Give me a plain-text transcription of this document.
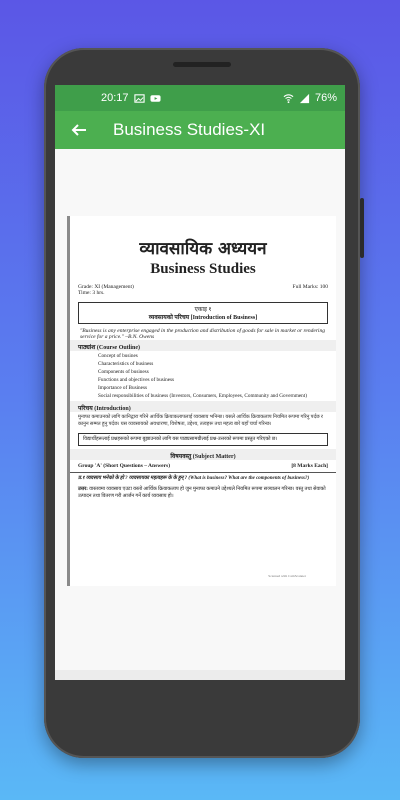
20:17	76%
Business Studies-XI
व्यावसायिक अध्ययन
Business Studies
Grade: XI (Management)	Full Marks: 100
Time: 3 hrs.
एकाइ १
व्यवसायको परिचय [Introduction of Business]
"Business is any enterprise engaged in the production and distribution of goods for sale in market or rendering service for a price." –B.N. Owens
पाठ्यांश (Course Outline)
Concept of busines
Characteristics of business
Components of business
Functions and objectives of business
Importance of Business
Social responsibilities of business (Investors, Consumers, Employees, Community and Government)
परिचय (Introduction)
मुनाफा कमाउनको लागि कानिद्वारा गरिने आर्थिक क्रियाकलापलाई व्यवसाय भनिन्छ। यसले आर्थिक क्रियाकलाप नियमित रूपमा गरिनु पर्दछ र कानुन सम्मत हुनु पर्दछ। यस व्यवसायको अवधारणा, विशेषता, उद्देश्य, तत्वहरू तथा महत्व बारे यहाँ चर्चा गरिन्छ।
विद्यार्थीहरूलाई प्रश्नहरूको रूपमा बुझाउनको लागि यस पाठ्यसामग्रीलाई प्रश्न-उत्तरको रूपमा प्रस्तुत गरिएको छ।
विषयवस्तु (Subject Matter)
Group 'A' (Short Questions – Answers)	[8 Marks Each]
प्र.१ व्यवसाय भनेको के हो ? व्यवसायका महत्वहरू के के हुन् ? (What is business? What are the components of business?)
उत्तर: वास्तवमा व्यवसाय एउटा यस्तो आर्थिक क्रियाकलाप हो जुन मुनाफा कमाउने उद्देश्यले नियमित रूपमा सञ्चालन गरिन्छ। वस्तु तथा सेवाको उत्पादन तथा वितरण गरी आर्जन गर्ने कार्य व्यवसाय हो।
Scanned with CamScanner
